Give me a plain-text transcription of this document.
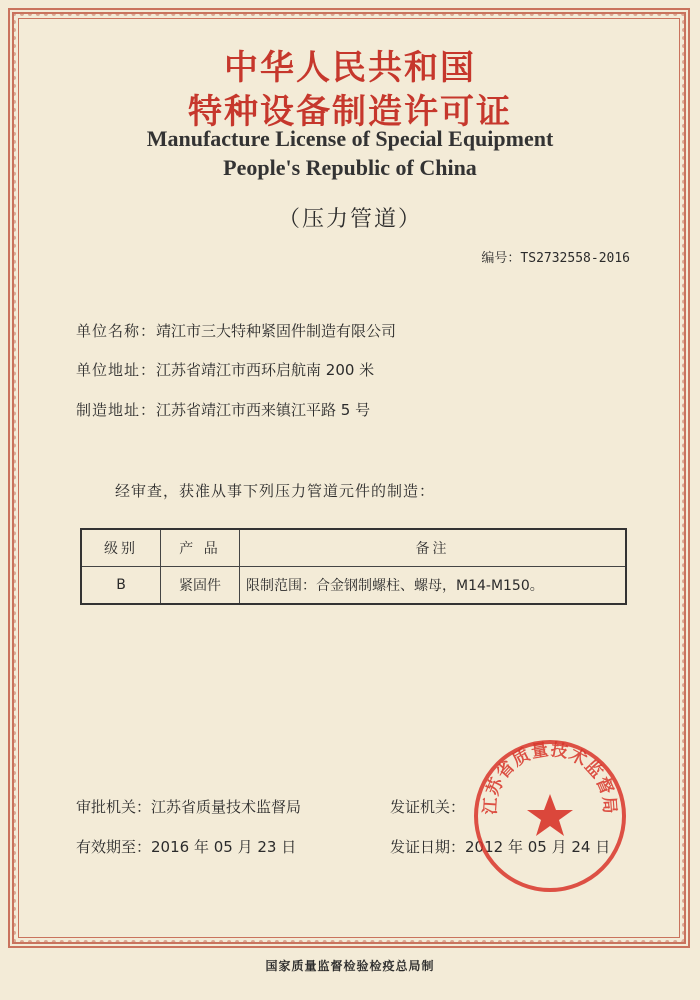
中华人民共和国
特种设备制造许可证
Manufacture License of Special Equipment
People's Republic of China
（压力管道）
编号：TS2732558-2016
单位名称：靖江市三大特种紧固件制造有限公司
单位地址：江苏省靖江市西环启航南 200 米
制造地址：江苏省靖江市西来镇江平路 5 号
经审查，获准从事下列压力管道元件的制造：
级别	产 品	备注
B	紧固件	限制范围：合金钢制螺柱、螺母，M14-M150。
审批机关：江苏省质量技术监督局	发证机关：
有效期至：2016 年 05 月 23 日	发证日期：2012 年 05 月 24 日
江苏省质量技术监督局
国家质量监督检验检疫总局制
